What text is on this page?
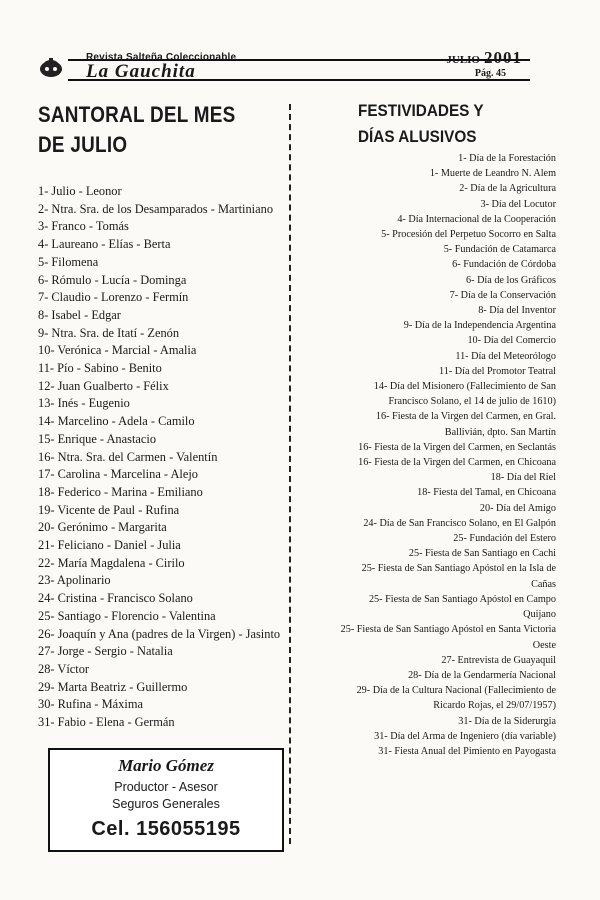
Revista Salteña Coleccionable
La Gauchita
JULIO 2001
Pág. 45
SANTORAL DEL MES
DE JULIO
1- Julio - Leonor
2- Ntra. Sra. de los Desamparados - Martiniano
3- Franco - Tomás
4- Laureano - Elías - Berta
5- Filomena
6- Rómulo - Lucía - Dominga
7- Claudio - Lorenzo - Fermín
8- Isabel - Edgar
9- Ntra. Sra. de Itatí - Zenón
10- Verónica - Marcial - Amalia
11- Pío - Sabino - Benito
12- Juan Gualberto - Félix
13- Inés - Eugenio
14- Marcelino - Adela - Camilo
15- Enrique - Anastacio
16- Ntra. Sra. del Carmen - Valentín
17- Carolina - Marcelina - Alejo
18- Federico - Marina - Emiliano
19- Vicente de Paul - Rufina
20- Gerónimo - Margarita
21- Feliciano - Daniel - Julia
22- María Magdalena - Cirilo
23- Apolinario
24- Cristina - Francisco Solano
25- Santiago - Florencio - Valentina
26- Joaquín y Ana (padres de la Virgen) - Jasinto
27- Jorge - Sergio - Natalia
28- Víctor
29- Marta Beatriz - Guillermo
30- Rufina - Máxima
31- Fabio - Elena - Germán
Mario Gómez
Productor - Asesor
Seguros Generales
Cel. 156055195
FESTIVIDADES Y
DÍAS ALUSIVOS
1- Día de la Forestación
1- Muerte de Leandro N. Alem
2- Día de la Agricultura
3- Día del Locutor
4- Día Internacional de la Cooperación
5- Procesión del Perpetuo Socorro en Salta
5- Fundación de Catamarca
6- Fundación de Córdoba
6- Día de los Gráficos
7- Día de la Conservación
8- Día del Inventor
9- Día de la Independencia Argentina
10- Día del Comercio
11- Día del Meteorólogo
11- Día del Promotor Teatral
14- Día del Misionero (Fallecimiento de San
Francisco Solano, el 14 de julio de 1610)
16- Fiesta de la Virgen del Carmen, en Gral.
Ballivián, dpto. San Martín
16- Fiesta de la Virgen del Carmen, en Seclantás
16- Fiesta de la Virgen del Carmen, en Chicoana
18- Día del Riel
18- Fiesta del Tamal, en Chicoana
20- Día del Amigo
24- Día de San Francisco Solano, en El Galpón
25- Fundación del Estero
25- Fiesta de San Santiago en Cachi
25- Fiesta de San Santiago Apóstol en la Isla de
Cañas
25- Fiesta de San Santiago Apóstol en Campo
Quijano
25- Fiesta de San Santiago Apóstol en Santa Victoria
Oeste
27- Entrevista de Guayaquil
28- Día de la Gendarmería Nacional
29- Día de la Cultura Nacional (Fallecimiento de
Ricardo Rojas, el 29/07/1957)
31- Día de la Siderurgia
31- Día del Arma de Ingeniero (día variable)
31- Fiesta Anual del Pimiento en Payogasta
